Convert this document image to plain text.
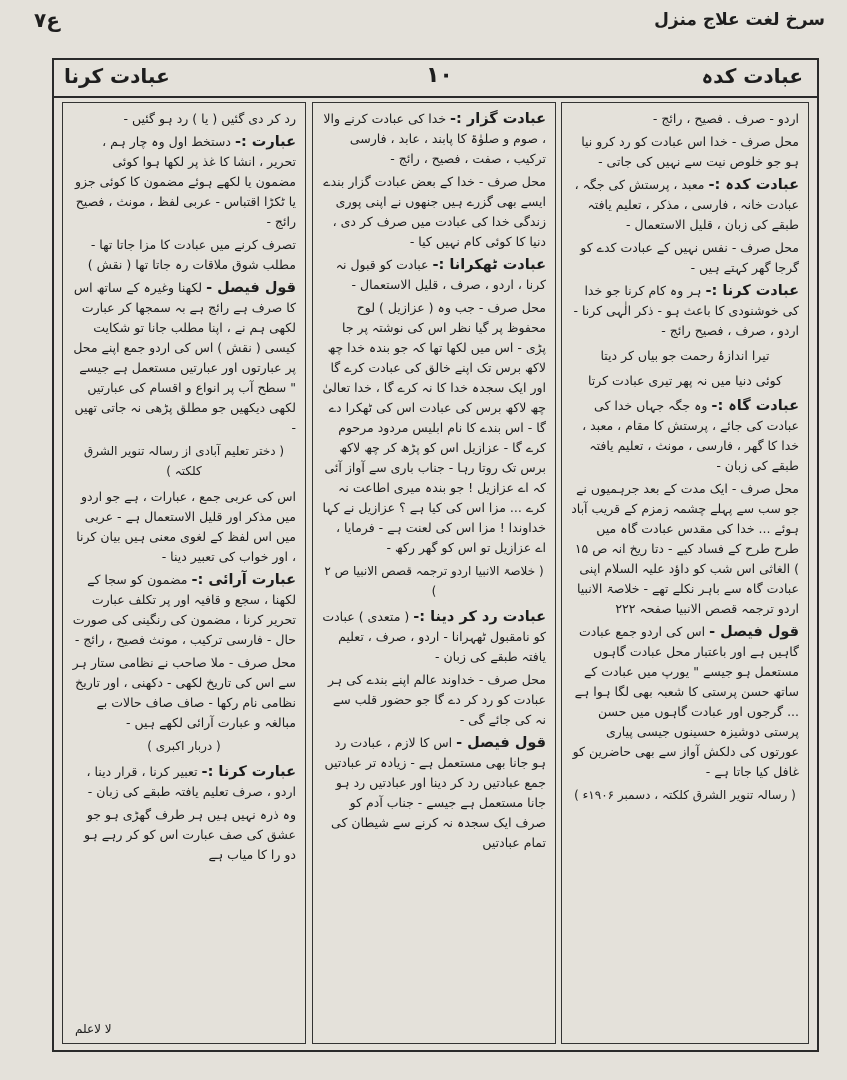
ع۷	سرخ لغت علاج منزل
عبادت کدہ
۱۰
عبادت کرنا

اردو - صرف . فصیح ، رائج -

محل صرف - خدا اس عبادت کو رد کرو نیا ہو جو خلوص نیت سے نہیں کی جاتی -

عبادت کدہ :- معبد ، پرستش کی جگہ ، عبادت خانہ ، فارسی ، مذکر ، تعلیم یافتہ طبقے کی زبان ، قلیل الاستعمال -

محل صرف - نفس نہیں کے عبادت کدے کو گرجا گھر کہتے ہیں -

عبادت کرنا :- ہر وہ کام کرنا جو خدا کی خوشنودی کا باعث ہو - ذکر الٰہی کرنا - اردو ، صرف ، فصیح رائج -

تیرا اندازۂ رحمت جو بیاں کر دیتا
کوئی دنیا میں نہ پھر تیری عبادت کرتا

عبادت گاہ :- وہ جگہ جہاں خدا کی عبادت کی جائے ، پرستش کا مقام ، معبد ، خدا کا گھر ، فارسی ، مونث ، تعلیم یافتہ طبقے کی زبان -

محل صرف - ایک مدت کے بعد جرہمیوں نے جو سب سے پہلے چشمہ زمزم کے قریب آباد ہوئے ... خدا کی مقدس عبادت گاہ میں طرح طرح کے فساد کیے - دتا ریخ انہ ص ۱۵ ) الغاثی اس شب کو داؤد علیہ السلام اپنی عبادت گاہ سے باہر نکلے تھے - خلاصۃ الانبیا اردو ترجمہ قصص الانبیا صفحہ ۲۲۲

قول فیصل - اس کی اردو جمع عبادت گاہیں ہے اور باعتبار محل عبادت گاہوں مستعمل ہو جیسے " یورپ میں عبادت کے ساتھ حسن پرستی کا شعبہ بھی لگا ہوا ہے ... گرجوں اور عبادت گاہوں میں حسن پرستی دوشیزہ حسینوں جیسی پیاری عورتوں کی دلکش آواز سے بھی حاضرین کو غافل کیا جاتا ہے -

( رسالہ تنویر الشرق کلکتہ ، دسمبر ۱۹۰۶ء )

عبادت گزار :- خدا کی عبادت کرنے والا ، صوم و صلوٰۃ کا پابند ، عابد ، فارسی ترکیب ، صفت ، فصیح ، رائج -

محل صرف - خدا کے بعض عبادت گزار بندے ایسے بھی گزرے ہیں جنھوں نے اپنی پوری زندگی خدا کی عبادت میں صرف کر دی ، دنیا کا کوئی کام نہیں کیا -

عبادت ٹھکرانا :- عبادت کو قبول نہ کرنا ، اردو ، صرف ، قلیل الاستعمال -

محل صرف - جب وہ ( عزازیل ) لوح محفوظ پر گیا نظر اس کی نوشتہ پر جا پڑی - اس میں لکھا تھا کہ جو بندہ خدا چھ لاکھ برس تک اپنے خالق کی عبادت کرے گا اور ایک سجدہ خدا کا نہ کرے گا ، خدا تعالیٰ چھ لاکھ برس کی عبادت اس کی ٹھکرا دے گا - اس بندے کا نام ابلیس مردود مرحوم کرے گا - عزازیل اس کو پڑھ کر چھ لاکھ برس تک روتا رہا - جناب باری سے آواز آئی کہ اے عزازیل ! جو بندہ میری اطاعت نہ کرے ... مزا اس کی کیا ہے ؟ عزازیل نے کہا خداوندا ! مزا اس کی لعنت ہے - فرمایا ، اے عزازیل تو اس کو گھر رکھ -

( خلاصۃ الانبیا اردو ترجمہ قصص الانبیا ص ۲ )

عبادت رد کر دینا :- ( متعدی ) عبادت کو نامقبول ٹھہرانا - اردو ، صرف ، تعلیم یافتہ طبقے کی زبان -

محل صرف - خداوند عالم اپنے بندے کی ہر عبادت کو رد کر دے گا جو حضور قلب سے نہ کی جائے گی -

قول فیصل - اس کا لازم ، عبادت رد ہو جانا بھی مستعمل ہے - زیادہ تر عبادتیں جمع عبادتیں رد کر دینا اور عبادتیں رد ہو جانا مستعمل ہے جیسے - جناب آدم کو صرف ایک سجدہ نہ کرنے سے شیطان کی تمام عبادتیں

رد کر دی گئیں ( یا ) رد ہو گئیں -

عبارت :- دستخط اول وہ چار ہم ، تحریر ، انشا کا غذ پر لکھا ہوا کوئی مضمون یا لکھے ہوئے مضمون کا کوئی جزو یا ٹکڑا اقتباس - عربی لفظ ، مونث ، فصیح رائج -

تصرف کرنے میں عبادت کا مزا جاتا تھا - مطلب شوق ملاقات رہ جاتا تھا ( نقش )

قول فیصل - لکھنا وغیرہ کے ساتھ اس کا صرف ہے رائج ہے بہ سمجھا کر عبارت لکھی ہم نے ، اپنا مطلب جانا تو شکایت کیسی ( نقش ) اس کی اردو جمع اپنے محل پر عبارتوں اور عبارتیں مستعمل ہے جیسے " سطح آب پر انواع و اقسام کی عبارتیں لکھی دیکھیں جو مطلق پڑھی نہ جاتی تھیں -

( دختر تعلیم آبادی از رسالہ تنویر الشرق کلکتہ )

اس کی عربی جمع ، عبارات ، ہے جو اردو میں مذکر اور قلیل الاستعمال ہے - عربی میں اس لفظ کے لغوی معنی ہیں بیان کرنا ، اور خواب کی تعبیر دینا -

عبارت آرائی :- مضمون کو سجا کے لکھنا ، سجع و قافیہ اور پر تکلف عبارت تحریر کرنا ، مضمون کی رنگینی کی صورت حال - فارسی ترکیب ، مونث فصیح ، رائج -

محل صرف - ملا صاحب نے نظامی ستار ہر سے اس کی تاریخ لکھی - دکھنی ، اور تاریخ نظامی نام رکھا - صاف صاف حالات بے مبالغہ و عبارت آرائی لکھے ہیں -

( دربار اکبری )

عبارت کرنا :- تعبیر کرنا ، قرار دینا ، اردو ، صرف تعلیم یافتہ طبقے کی زبان -

وہ ذرہ نہیں ہیں ہر طرف گھڑی ہو جو عشق کی صف عبارت اس کو کر رہے ہو دو را کا میاب ہے

لا لاعلم
